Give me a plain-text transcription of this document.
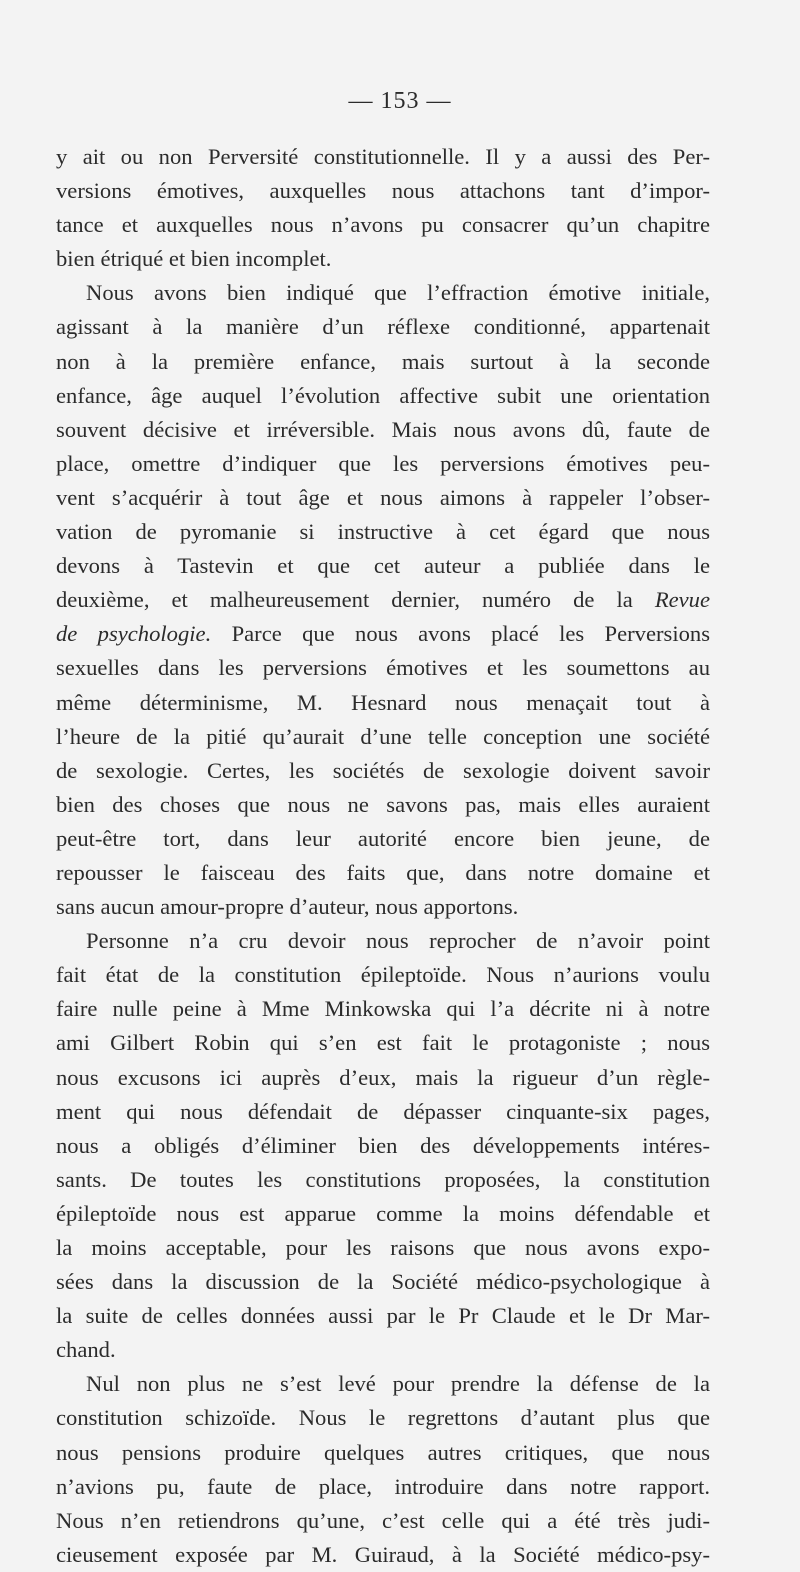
— 153 —
y ait ou non Perversité constitutionnelle. Il y a aussi des Per-
versions émotives, auxquelles nous attachons tant d’impor-
tance et auxquelles nous n’avons pu consacrer qu’un chapitre
bien étriqué et bien incomplet.
Nous avons bien indiqué que l’effraction émotive initiale,
agissant à la manière d’un réflexe conditionné, appartenait
non à la première enfance, mais surtout à la seconde
enfance, âge auquel l’évolution affective subit une orientation
souvent décisive et irréversible. Mais nous avons dû, faute de
place, omettre d’indiquer que les perversions émotives peu-
vent s’acquérir à tout âge et nous aimons à rappeler l’obser-
vation de pyromanie si instructive à cet égard que nous
devons à Tastevin et que cet auteur a publiée dans le
deuxième, et malheureusement dernier, numéro de la Revue
de psychologie. Parce que nous avons placé les Perversions
sexuelles dans les perversions émotives et les soumettons au
même déterminisme, M. Hesnard nous menaçait tout à
l’heure de la pitié qu’aurait d’une telle conception une société
de sexologie. Certes, les sociétés de sexologie doivent savoir
bien des choses que nous ne savons pas, mais elles auraient
peut-être tort, dans leur autorité encore bien jeune, de
repousser le faisceau des faits que, dans notre domaine et
sans aucun amour-propre d’auteur, nous apportons.
Personne n’a cru devoir nous reprocher de n’avoir point
fait état de la constitution épileptoïde. Nous n’aurions voulu
faire nulle peine à Mme Minkowska qui l’a décrite ni à notre
ami Gilbert Robin qui s’en est fait le protagoniste ; nous
nous excusons ici auprès d’eux, mais la rigueur d’un règle-
ment qui nous défendait de dépasser cinquante-six pages,
nous a obligés d’éliminer bien des développements intéres-
sants. De toutes les constitutions proposées, la constitution
épileptoïde nous est apparue comme la moins défendable et
la moins acceptable, pour les raisons que nous avons expo-
sées dans la discussion de la Société médico-psychologique à
la suite de celles données aussi par le Pr Claude et le Dr Mar-
chand.
Nul non plus ne s’est levé pour prendre la défense de la
constitution schizoïde. Nous le regrettons d’autant plus que
nous pensions produire quelques autres critiques, que nous
n’avions pu, faute de place, introduire dans notre rapport.
Nous n’en retiendrons qu’une, c’est celle qui a été très judi-
cieusement exposée par M. Guiraud, à la Société médico-psy-
